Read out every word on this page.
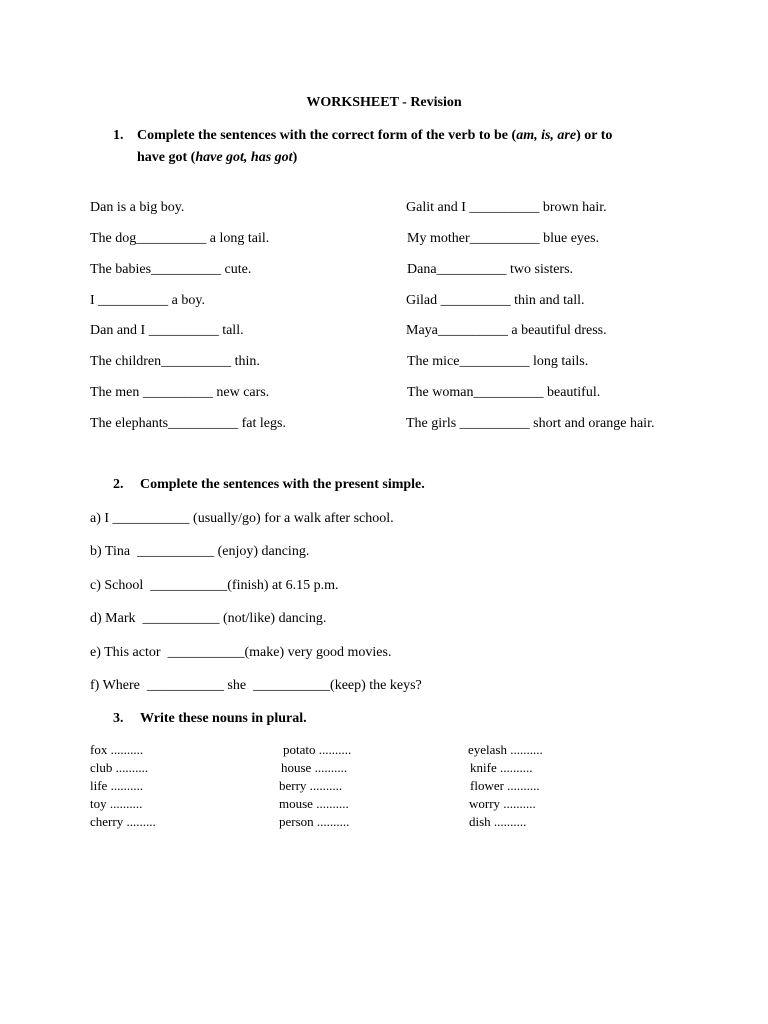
WORKSHEET - Revision
1. Complete the sentences with the correct form of the verb to be (am, is, are) or to
have got (have got, has got)
Dan is a big boy.
The dog__________ a long tail.
The babies__________ cute.
I __________ a boy.
Dan and I __________ tall.
The children__________ thin.
The men __________ new cars.
The elephants__________ fat legs.
Galit and I __________ brown hair.
My mother__________ blue eyes.
Dana__________ two sisters.
Gilad __________ thin and tall.
Maya__________ a beautiful dress.
The mice__________ long tails.
The woman__________ beautiful.
The girls __________ short and orange hair.
2. Complete the sentences with the present simple.
a) I ___________ (usually/go) for a walk after school.
b) Tina  ___________ (enjoy) dancing.
c) School  ___________(finish) at 6.15 p.m.
d) Mark  ___________ (not/like) dancing.
e) This actor  ___________(make) very good movies.
f) Where  ___________ she  ___________(keep) the keys?
3. Write these nouns in plural.
fox ..........
club ..........
life ..........
toy ..........
cherry .........
potato ..........
house ..........
berry ..........
mouse ..........
person ..........
eyelash ..........
knife ..........
flower ..........
worry ..........
dish ..........
